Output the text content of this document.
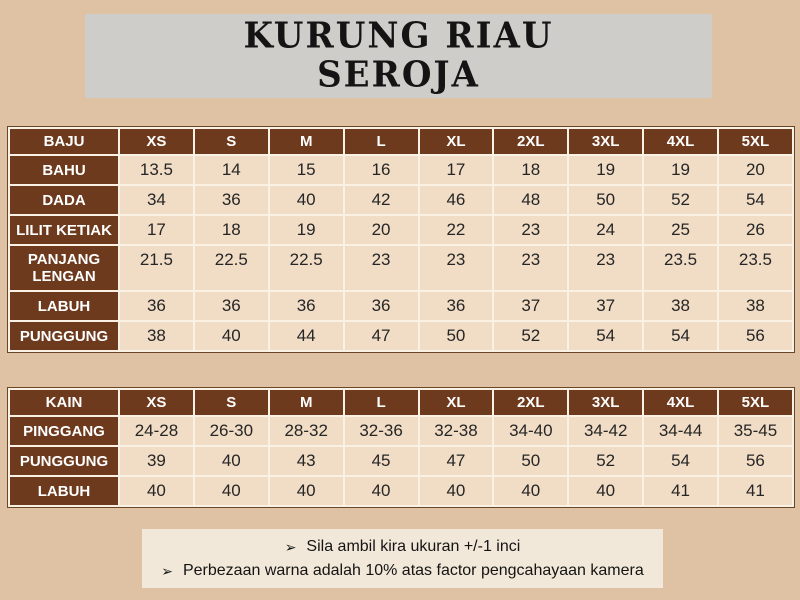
KURUNG RIAU
SEROJA
BAJU	XS	S	M	L	XL	2XL	3XL	4XL	5XL
BAHU	13.5	14	15	16	17	18	19	19	20
DADA	34	36	40	42	46	48	50	52	54
LILIT KETIAK	17	18	19	20	22	23	24	25	26
PANJANG LENGAN	21.5	22.5	22.5	23	23	23	23	23.5	23.5
LABUH	36	36	36	36	36	37	37	38	38
PUNGGUNG	38	40	44	47	50	52	54	54	56
KAIN	XS	S	M	L	XL	2XL	3XL	4XL	5XL
PINGGANG	24-28	26-30	28-32	32-36	32-38	34-40	34-42	34-44	35-45
PUNGGUNG	39	40	43	45	47	50	52	54	56
LABUH	40	40	40	40	40	40	40	41	41
➢ Sila ambil kira ukuran +/-1 inci
➢ Perbezaan warna adalah 10% atas factor pengcahayaan kamera
